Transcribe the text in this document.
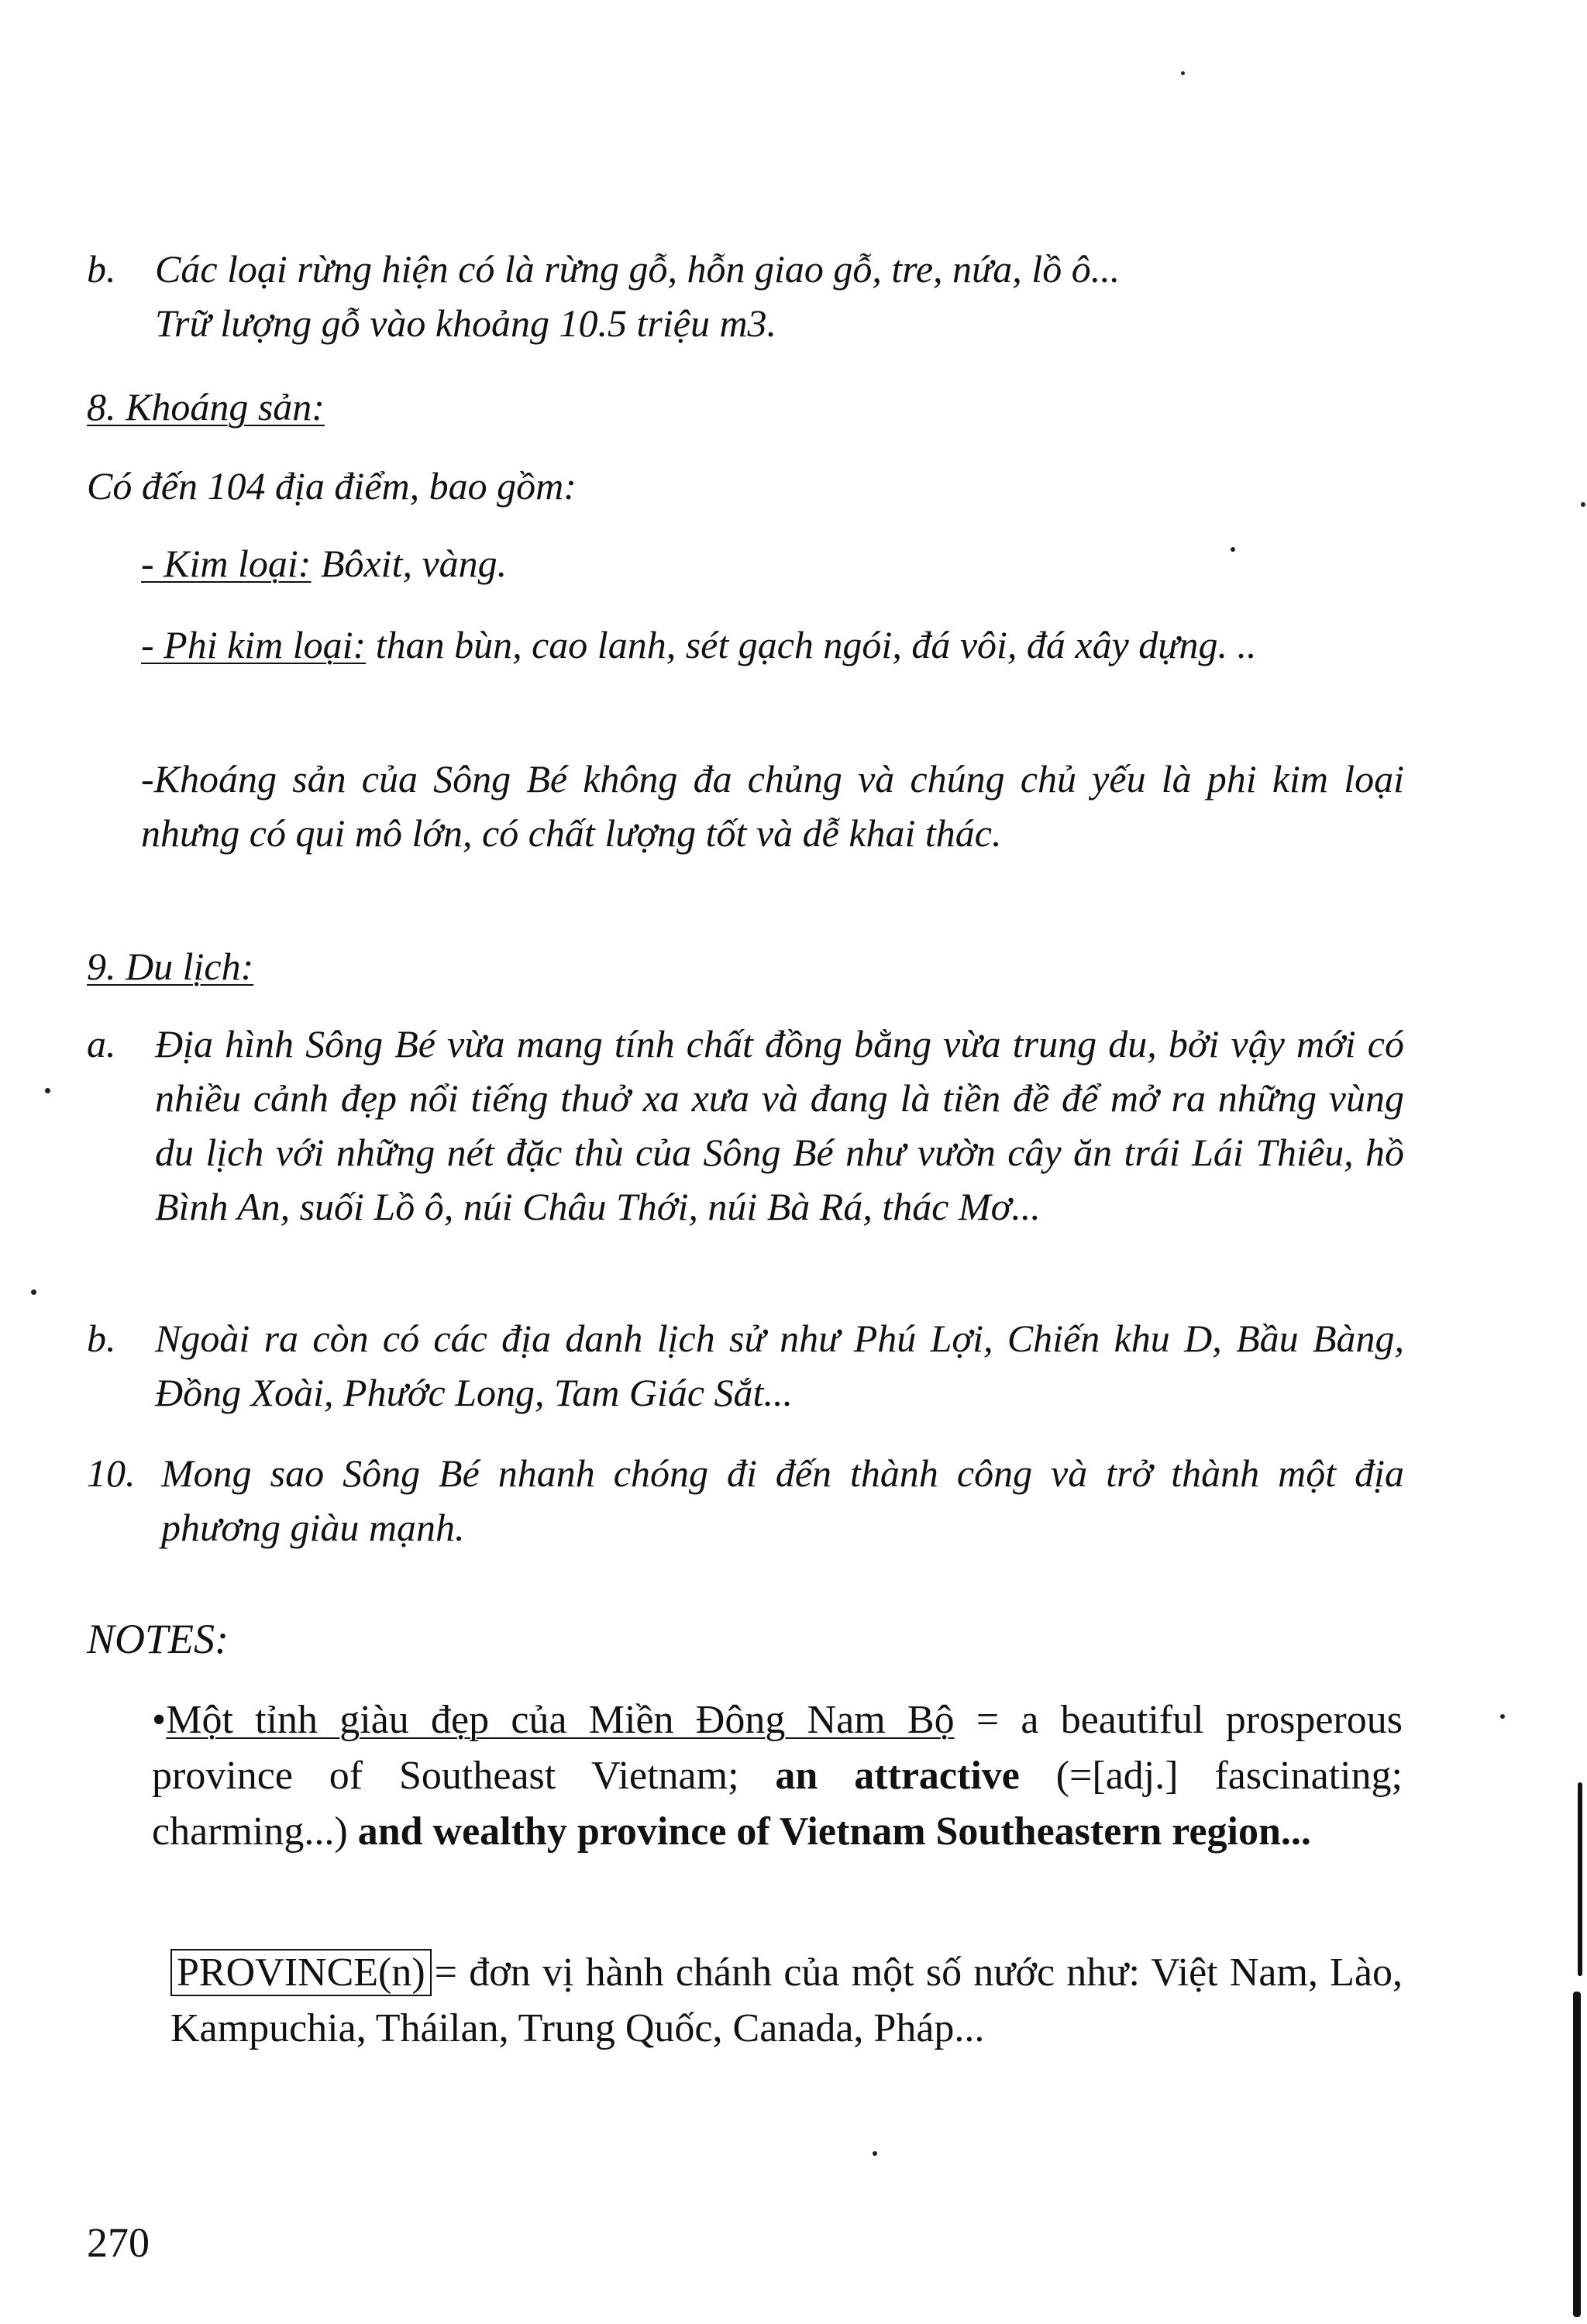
b.	Các loại rừng hiện có là rừng gỗ, hỗn giao gỗ, tre, nứa, lồ ô...
Trữ lượng gỗ vào khoảng 10.5 triệu m3.
8. Khoáng sản:
Có đến 104 địa điểm, bao gồm:
- Kim loại: Bôxit, vàng.
- Phi kim loại: than bùn, cao lanh, sét gạch ngói, đá vôi, đá xây dựng. ..
-Khoáng sản của Sông Bé không đa chủng và chúng chủ yếu là phi kim loại nhưng có qui mô lớn, có chất lượng tốt và dễ khai thác.
9. Du lịch:
a.	Địa hình Sông Bé vừa mang tính chất đồng bằng vừa trung du, bởi vậy mới có nhiều cảnh đẹp nổi tiếng thuở xa xưa và đang là tiền đề để mở ra những vùng du lịch với những nét đặc thù của Sông Bé như vườn cây ăn trái Lái Thiêu, hồ Bình An, suối Lồ ô, núi Châu Thới, núi Bà Rá, thác Mơ...
b.	Ngoài ra còn có các địa danh lịch sử như Phú Lợi, Chiến khu D, Bầu Bàng, Đồng Xoài, Phước Long, Tam Giác Sắt...
10. Mong sao Sông Bé nhanh chóng đi đến thành công và trở thành một địa phương giàu mạnh.
NOTES:
•Một tỉnh giàu đẹp của Miền Đông Nam Bộ = a beautiful prosperous province of Southeast Vietnam; an attractive (=[adj.] fascinating; charming...) and wealthy province of Vietnam Southeastern region...
PROVINCE(n) = đơn vị hành chánh của một số nước như: Việt Nam, Lào, Kampuchia, Tháilan, Trung Quốc, Canada, Pháp...
270
